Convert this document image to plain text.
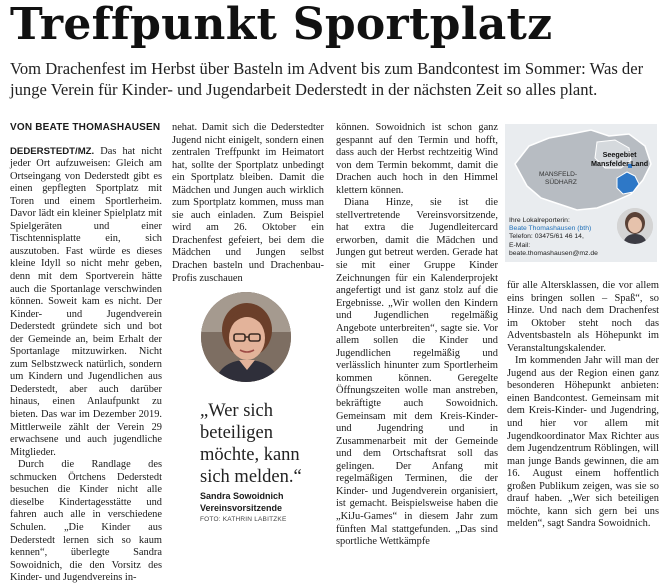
Treffpunkt Sportplatz
Vom Drachenfest im Herbst über Basteln im Advent bis zum Bandcontest im Sommer: Was der junge Verein für Kinder- und Jugendarbeit Dederstedt in der nächsten Zeit so alles plant.
VON BEATE THOMASHAUSEN

DEDERSTEDT/MZ. Das hat nicht jeder Ort aufzuweisen: Gleich am Ortseingang von Dederstedt gibt es einen gepflegten Sportplatz mit Toren und einem Sportlerheim. Davor lädt ein kleiner Spielplatz mit Spielgeräten und einer Tischtennisplatte ein, sich auszutoben. Fast würde es dieses kleine Idyll so nicht mehr geben, denn mit dem Sportverein hätte auch die Sportanlage verschwinden können. Soweit kam es nicht. Der Kinder- und Jugendverein Dederstedt gründete sich und bot der Gemeinde an, beim Erhalt der Sportanlage mitzuwirken. Nicht zum Selbstzweck natürlich, sondern um Kindern und Jugendlichen aus Dederstedt, aber auch darüber hinaus, einen Anlaufpunkt zu bieten. Das war im Dezember 2019. Mittlerweile zählt der Verein 29 erwachsene und auch jugendliche Mitglieder.

Durch die Randlage des schmucken Örtchens Dederstedt besuchen die Kinder nicht alle dieselbe Kindertagesstätte und fahren auch alle in verschiedene Schulen. „Die Kinder aus Dederstedt lernen sich so kaum kennen“, überlegte Sandra Sowoidnich, die den Vorsitz des Kinder- und Jugendvereins in-

nehat. Damit sich die Dederstedter Jugend nicht einigelt, sondern einen zentralen Treffpunkt im Heimatort hat, sollte der Sportplatz unbedingt ein Sportplatz bleiben. Damit die Mädchen und Jungen auch wirklich zum Sportplatz kommen, muss man sie auch einladen. Zum Beispiel wird am 26. Oktober ein Drachenfest gefeiert, bei dem die Mädchen und Jungen selbst Drachen basteln und Drachenbau-Profis zuschauen

„Wer sich beteiligen möchte, kann sich melden.“
Sandra Sowoidnich
Vereinsvorsitzende
FOTO: KATHRIN LABITZKE

können. Sowoidnich ist schon ganz gespannt auf den Termin und hofft, dass auch der Herbst rechtzeitig Wind von dem Termin bekommt, damit die Drachen auch hoch in den Himmel klettern können.

Diana Hinze, sie ist die stellvertretende Vereinsvorsitzende, hat extra die Jugendleitercard erworben, damit die Mädchen und Jungen gut betreut werden. Gerade hat sie mit einer Gruppe Kinder Zeichnungen für ein Kalenderprojekt angefertigt und ist ganz stolz auf die Ergebnisse. „Wir wollen den Kindern und Jugendlichen regelmäßig Angebote unterbreiten“, sagte sie. Vor allem sollen die Kinder und Jugendlichen regelmäßig und verlässlich hinunter zum Sportlerheim kommen können. Geregelte Öffnungszeiten wolle man anstreben, bekräftigte auch Sowoidnich. Gemeinsam mit dem Kreis-Kinder- und Jugendring und in Zusammenarbeit mit der Gemeinde und dem Ortschaftsrat soll das gelingen. Der Anfang mit regelmäßigen Terminen, die der Kinder- und Jugendverein organisiert, ist gemacht. Beispielsweise haben die „KiJu-Games“ in diesem Jahr zum fünften Mal stattgefunden. „Das sind sportliche Wettkämpfe

Seegebiet
Mansfelder Land
MANSFELD-
SÜDHARZ
Ihre Lokalreporterin:
Beate Thomashausen (bth)
Telefon: 03475/61 46 14,
E-Mail: beate.thomashausen@mz.de

für alle Altersklassen, die vor allem eins bringen sollen – Spaß“, so Hinze. Und nach dem Drachenfest im Oktober steht noch das Adventsbasteln als Höhepunkt im Veranstaltungskalender.

Im kommenden Jahr will man der Jugend aus der Region einen ganz besonderen Höhepunkt anbieten: einen Bandcontest. Gemeinsam mit dem Kreis-Kinder- und Jugendring, und hier vor allem mit Jugendkoordinator Max Richter aus dem Jugendzentrum Röblingen, will man junge Bands gewinnen, die am 16. August einem hoffentlich großen Publikum zeigen, was sie so drauf haben. „Wer sich beteiligen möchte, kann sich gern bei uns melden“, sagt Sandra Sowoidnich.
